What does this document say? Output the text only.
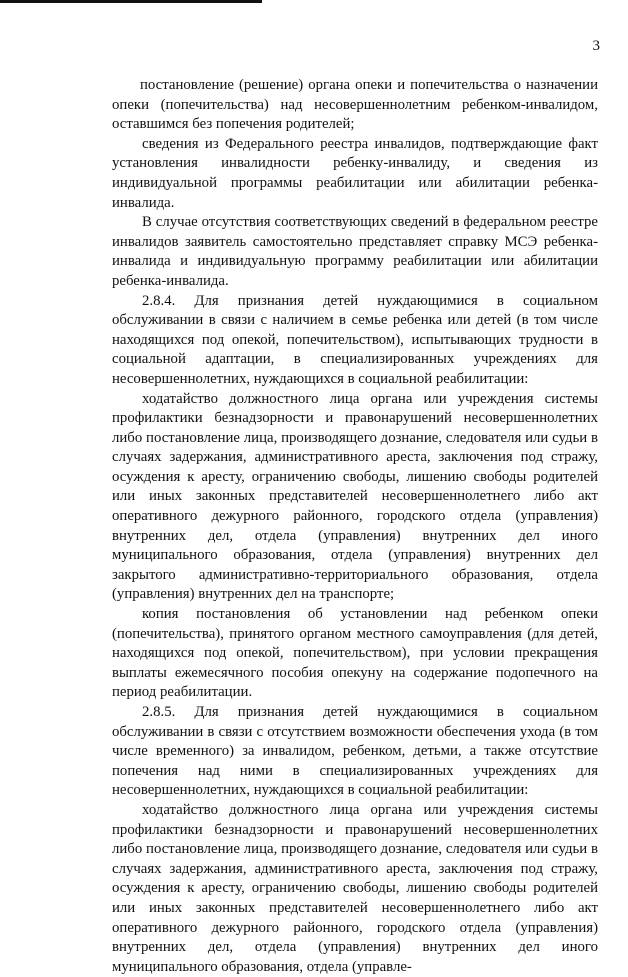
3

постановление (решение) органа опеки и попечительства о назначении опеки (попечительства) над несовершеннолетним ребенком-инвалидом, оставшимся без попечения родителей;

сведения из Федерального реестра инвалидов, подтверждающие факт установления инвалидности ребенку-инвалиду, и сведения из индивидуальной программы реабилитации или абилитации ребенка-инвалида.

В случае отсутствия соответствующих сведений в федеральном реестре инвалидов заявитель самостоятельно представляет справку МСЭ ребенка-инвалида и индивидуальную программу реабилитации или абилитации ребенка-инвалида.

2.8.4. Для признания детей нуждающимися в социальном обслуживании в связи с наличием в семье ребенка или детей (в том числе находящихся под опекой, попечительством), испытывающих трудности в социальной адаптации, в специализированных учреждениях для несовершеннолетних, нуждающихся в социальной реабилитации:

ходатайство должностного лица органа или учреждения системы профилактики безнадзорности и правонарушений несовершеннолетних либо постановление лица, производящего дознание, следователя или судьи в случаях задержания, административного ареста, заключения под стражу, осуждения к аресту, ограничению свободы, лишению свободы родителей или иных законных представителей несовершеннолетнего либо акт оперативного дежурного районного, городского отдела (управления) внутренних дел, отдела (управления) внутренних дел иного муниципального образования, отдела (управления) внутренних дел закрытого административно-территориального образования, отдела (управления) внутренних дел на транспорте;

копия постановления об установлении над ребенком опеки (попечительства), принятого органом местного самоуправления (для детей, находящихся под опекой, попечительством), при условии прекращения выплаты ежемесячного пособия опекуну на содержание подопечного на период реабилитации.

2.8.5. Для признания детей нуждающимися в социальном обслуживании в связи с отсутствием возможности обеспечения ухода (в том числе временного) за инвалидом, ребенком, детьми, а также отсутствие попечения над ними в специализированных учреждениях для несовершеннолетних, нуждающихся в социальной реабилитации:

ходатайство должностного лица органа или учреждения системы профилактики безнадзорности и правонарушений несовершеннолетних либо постановление лица, производящего дознание, следователя или судьи в случаях задержания, административного ареста, заключения под стражу, осуждения к аресту, ограничению свободы, лишению свободы родителей или иных законных представителей несовершеннолетнего либо акт оперативного дежурного районного, городского отдела (управления) внутренних дел, отдела (управления) внутренних дел иного муниципального образования, отдела (управле-
